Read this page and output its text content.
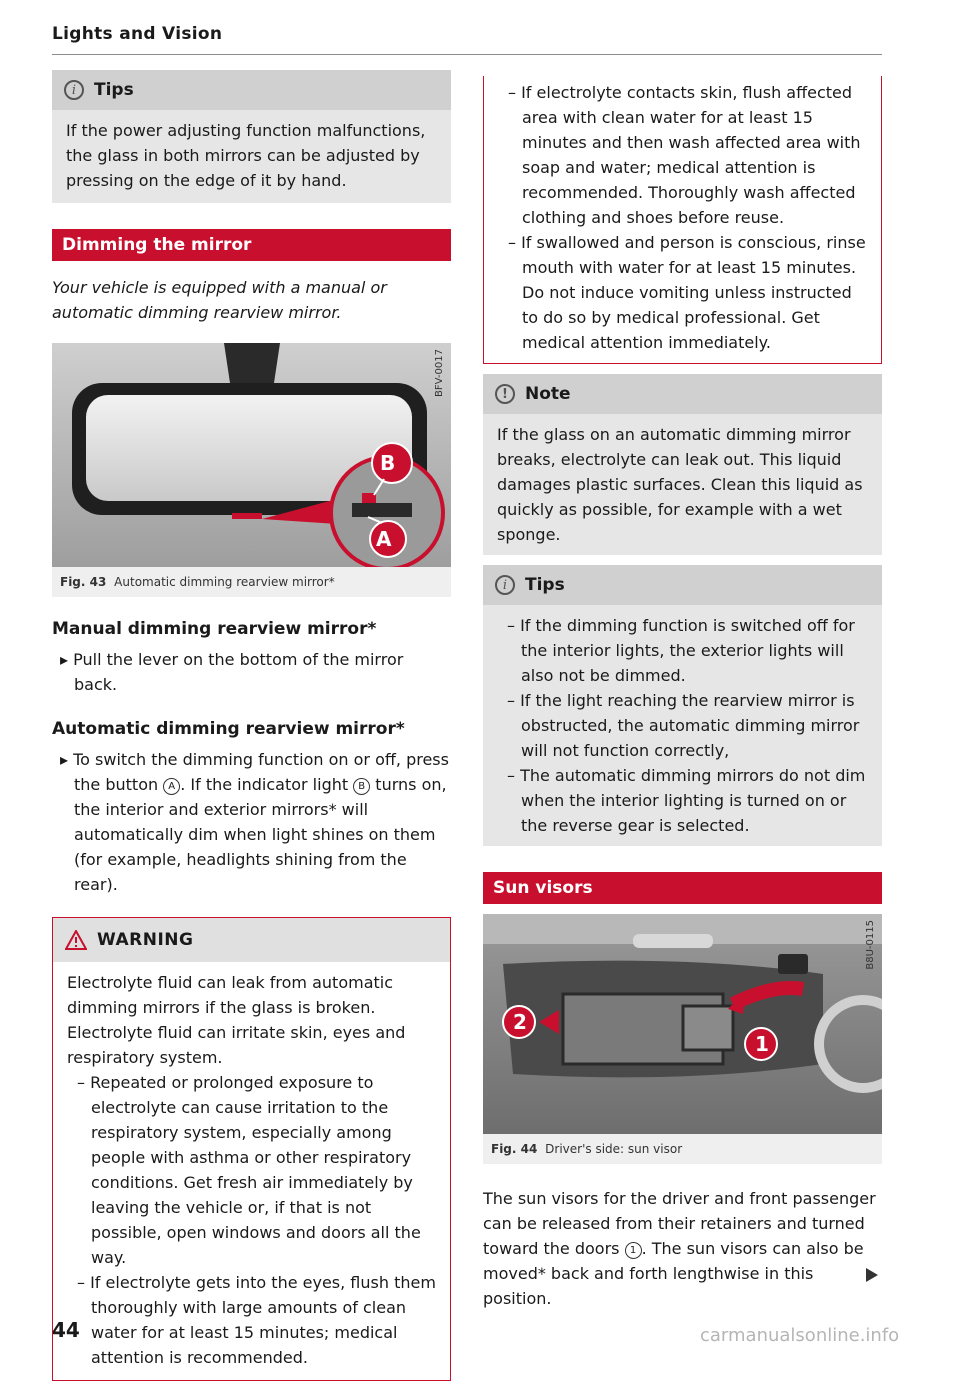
Lights and Vision
i	Tips
If the power adjusting function malfunctions, the glass in both mirrors can be adjusted by pressing on the edge of it by hand.
Dimming the mirror
Your vehicle is equipped with a manual or automatic dimming rearview mirror.
B
A
BFV-0017
Fig. 43 Automatic dimming rearview mirror*
Manual dimming rearview mirror*

▸ Pull the lever on the bottom of the mirror back.

Automatic dimming rearview mirror*

▸ To switch the dimming function on or off, press the button A . If the indicator light B turns on, the interior and exterior mirrors* will automatically dim when light shines on them (for example, headlights shining from the rear).

WARNING

Electrolyte fluid can leak from automatic dimming mirrors if the glass is broken. Electrolyte fluid can irritate skin, eyes and respiratory system.

– Repeated or prolonged exposure to electrolyte can cause irritation to the respiratory system, especially among people with asthma or other respiratory conditions. Get fresh air immediately by leaving the vehicle or, if that is not possible, open windows and doors all the way.
– If electrolyte gets into the eyes, flush them thoroughly with large amounts of clean water for at least 15 minutes; medical attention is recommended.
– If electrolyte contacts skin, flush affected area with clean water for at least 15 minutes and then wash affected area with soap and water; medical attention is recommended. Thoroughly wash affected clothing and shoes before reuse.
– If swallowed and person is conscious, rinse mouth with water for at least 15 minutes. Do not induce vomiting unless instructed to do so by medical professional. Get medical attention immediately.
!	Note
If the glass on an automatic dimming mirror breaks, electrolyte can leak out. This liquid damages plastic surfaces. Clean this liquid as quickly as possible, for example with a wet sponge.
i	Tips
– If the dimming function is switched off for the interior lights, the exterior lights will also not be dimmed.
– If the light reaching the rearview mirror is obstructed, the automatic dimming mirror will not function correctly,
– The automatic dimming mirrors do not dim when the interior lighting is turned on or the reverse gear is selected.
Sun visors
2
1
B8U-0115
Fig. 44 Driver's side: sun visor

The sun visors for the driver and front passenger can be released from their retainers and turned toward the doors 1 . The sun visors can also be moved* back and forth lengthwise in this position.

44	carmanualsonline.info
